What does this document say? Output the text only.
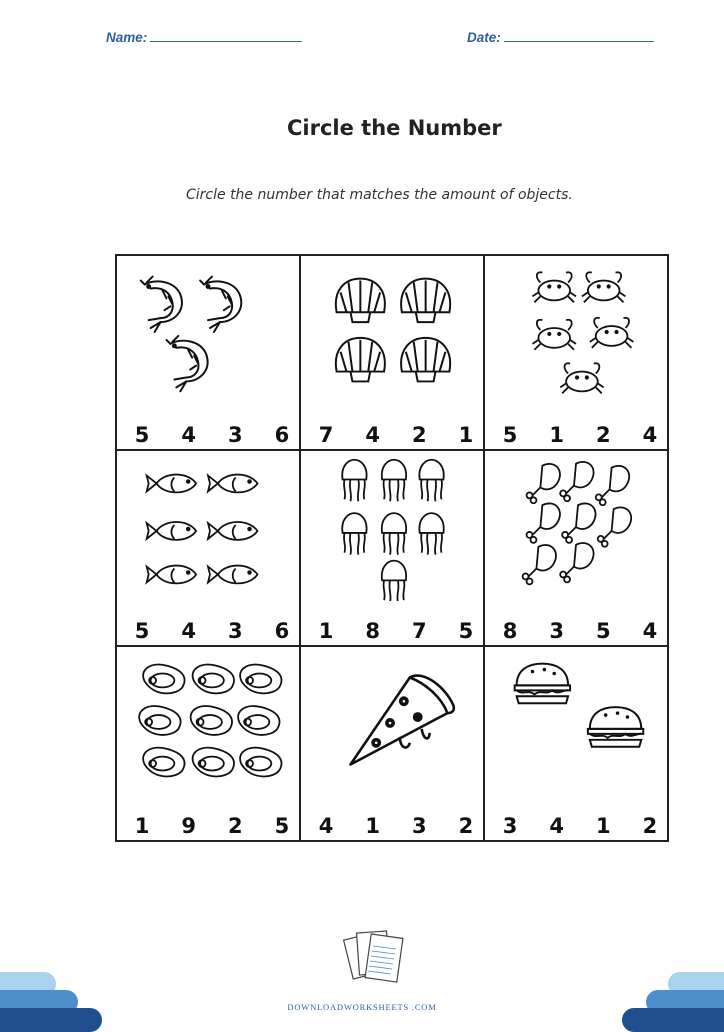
Name:	Date:
Circle the Number
Circle the number that matches the amount of objects.
5 4 3 6 7 4 2 1 5 1 2 4
5 4 3 6 1 8 7 5 8 3 5 4
1 9 2 5 4 1 3 2 3 4 1 2
DOWNLOADWORKSHEETS .COM
